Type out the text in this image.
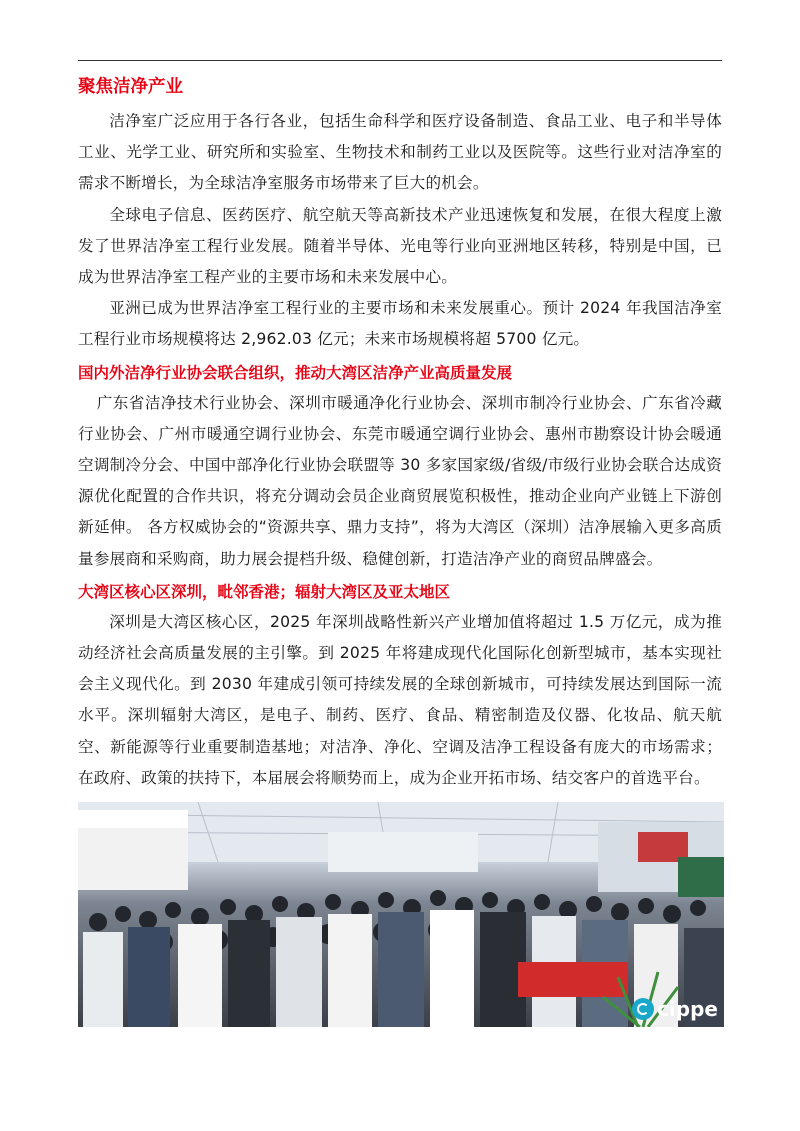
聚焦洁净产业

洁净室广泛应用于各行各业，包括生命科学和医疗设备制造、食品工业、电子和半导体工业、光学工业、研究所和实验室、生物技术和制药工业以及医院等。这些行业对洁净室的需求不断增长，为全球洁净室服务市场带来了巨大的机会。

全球电子信息、医药医疗、航空航天等高新技术产业迅速恢复和发展，在很大程度上激发了世界洁净室工程行业发展。随着半导体、光电等行业向亚洲地区转移，特别是中国，已成为世界洁净室工程产业的主要市场和未来发展中心。

亚洲已成为世界洁净室工程行业的主要市场和未来发展重心。预计 2024 年我国洁净室工程行业市场规模将达 2,962.03 亿元；未来市场规模将超 5700 亿元。

国内外洁净行业协会联合组织，推动大湾区洁净产业高质量发展

广东省洁净技术行业协会、深圳市暖通净化行业协会、深圳市制冷行业协会、广东省冷藏行业协会、广州市暖通空调行业协会、东莞市暖通空调行业协会、惠州市勘察设计协会暖通空调制冷分会、中国中部净化行业协会联盟等 30 多家国家级/省级/市级行业协会联合达成资源优化配置的合作共识，将充分调动会员企业商贸展览积极性，推动企业向产业链上下游创新延伸。 各方权威协会的“资源共享、鼎力支持”，将为大湾区（深圳）洁净展输入更多高质量参展商和采购商，助力展会提档升级、稳健创新，打造洁净产业的商贸品牌盛会。

大湾区核心区深圳，毗邻香港；辐射大湾区及亚太地区

深圳是大湾区核心区，2025 年深圳战略性新兴产业增加值将超过 1.5 万亿元，成为推动经济社会高质量发展的主引擎。到 2025 年将建成现代化国际化创新型城市，基本实现社会主义现代化。到 2030 年建成引领可持续发展的全球创新城市，可持续发展达到国际一流水平。深圳辐射大湾区，是电子、制药、医疗、食品、精密制造及仪器、化妆品、航天航空、新能源等行业重要制造基地；对洁净、净化、空调及洁净工程设备有庞大的市场需求；在政府、政策的扶持下，本届展会将顺势而上，成为企业开拓市场、结交客户的首选平台。

cippe
